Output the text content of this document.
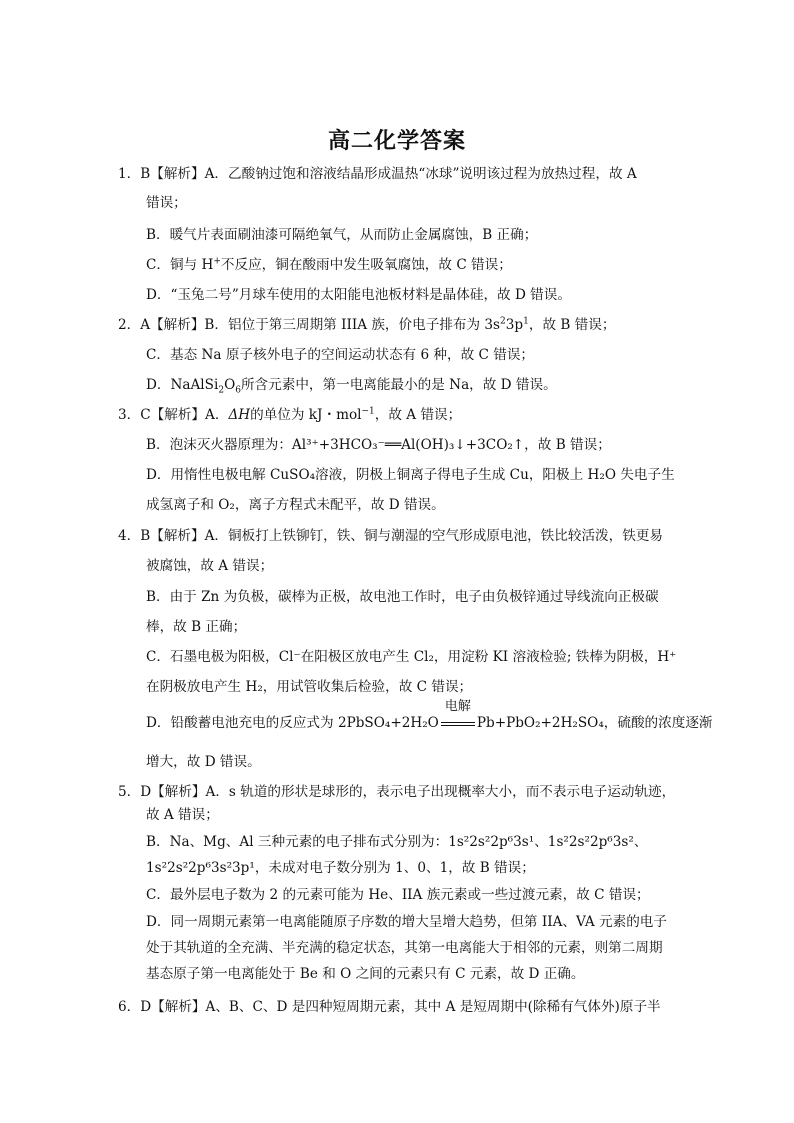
高二化学答案
1．B【解析】A．乙酸钠过饱和溶液结晶形成温热“冰球”说明该过程为放热过程，故 A
错误；
B．暖气片表面刷油漆可隔绝氧气，从而防止金属腐蚀，B 正确；
C．铜与 H+不反应，铜在酸雨中发生吸氧腐蚀，故 C 错误；
D．“玉兔二号”月球车使用的太阳能电池板材料是晶体硅，故 D 错误。
2．A【解析】B．铝位于第三周期第 IIIA 族，价电子排布为 $3s^23p^1$，故 B 错误；
C．基态 Na 原子核外电子的空间运动状态有 6 种，故 C 错误；
D．$NaAlSi_2O_6$所含元素中，第一电离能最小的是 Na，故 D 错误。
3．C【解析】A．ΔH的单位为 kJ・mol$^{-1}$，故 A 错误；
B．泡沫灭火器原理为：Al³⁺+3HCO₃⁻══Al(OH)₃↓+3CO₂↑，故 B 错误；
D．用惰性电极电解 CuSO₄溶液，阴极上铜离子得电子生成 Cu，阳极上 H₂O 失电子生
成氢离子和 O₂，离子方程式未配平，故 D 错误。
4．B【解析】A．铜板打上铁铆钉，铁、铜与潮湿的空气形成原电池，铁比较活泼，铁更易
被腐蚀，故 A 错误；
B．由于 Zn 为负极，碳棒为正极，故电池工作时，电子由负极锌通过导线流向正极碳
棒，故 B 正确；
C．石墨电极为阳极，Cl⁻在阳极区放电产生 Cl₂，用淀粉 KI 溶液检验; 铁棒为阴极，H⁺
在阴极放电产生 H₂，用试管收集后检验，故 C 错误；
D．铅酸蓄电池充电的反应式为 2PbSO₄+2H₂O
电解
Pb+PbO₂+2H₂SO₄，硫酸的浓度逐渐
增大，故 D 错误。
5．D【解析】A．s 轨道的形状是球形的，表示电子出现概率大小，而不表示电子运动轨迹，
故 A 错误；
B．Na、Mg、Al 三种元素的电子排布式分别为：1s²2s²2p⁶3s¹、1s²2s²2p⁶3s²、
1s²2s²2p⁶3s²3p¹，未成对电子数分别为 1、0、1，故 B 错误；
C．最外层电子数为 2 的元素可能为 He、IIA 族元素或一些过渡元素，故 C 错误；
D．同一周期元素第一电离能随原子序数的增大呈增大趋势，但第 IIA、VA 元素的电子
处于其轨道的全充满、半充满的稳定状态，其第一电离能大于相邻的元素，则第二周期
基态原子第一电离能处于 Be 和 O 之间的元素只有 C 元素，故 D 正确。
6．D【解析】A、B、C、D 是四种短周期元素，其中 A 是短周期中(除稀有气体外)原子半
